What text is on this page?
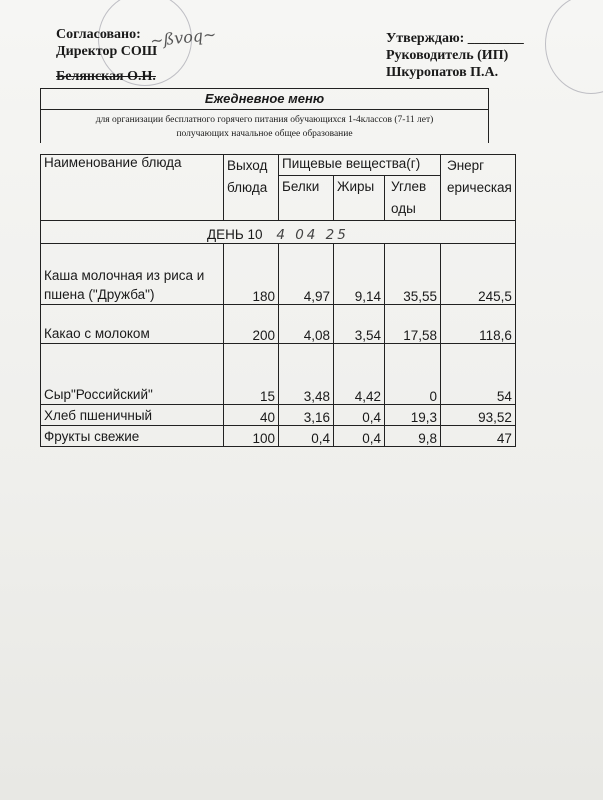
Согласовано:
Директор СОШ
Белянская О.Н.
~ßvoq~	Утверждаю: ________
Руководитель (ИП)
Шкуропатов П.А.
Ежедневное меню
для организации бесплатного горячего питания обучающихся 1-4классов (7-11 лет)
получающих начальное общее образование
Наименование блюда	Выход блюда	Пищевые вещества(г)			Энерг ерическая
		Белки	Жиры	Углев оды	
ДЕНЬ 10 4 04 25					
Каша молочная из риса и пшена ("Дружба")	180	4,97	9,14	35,55	245,5
Какао с молоком	200	4,08	3,54	17,58	118,6
Сыр"Российский"	15	3,48	4,42	0	54
Хлеб пшеничный	40	3,16	0,4	19,3	93,52
Фрукты свежие	100	0,4	0,4	9,8	47
